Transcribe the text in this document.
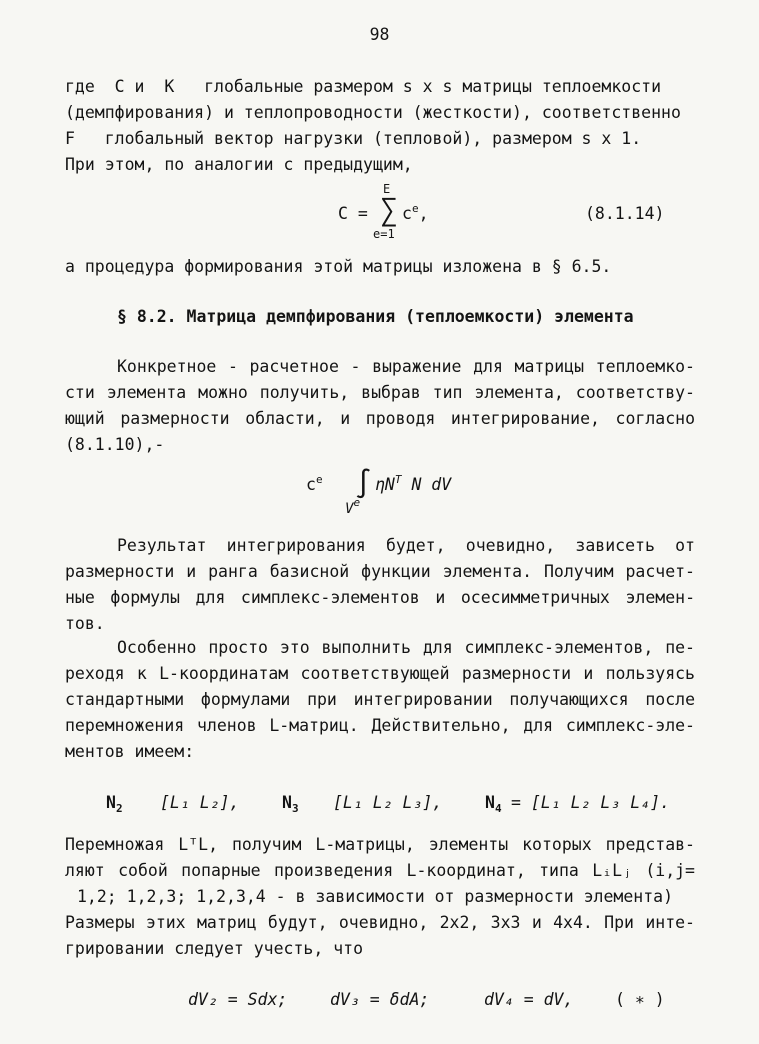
98
где  C и  K   глобальные размером s x s матрицы теплоемкости
(демпфирования) и теплопроводности (жесткости), соответственно
F   глобальный вектор нагрузки (тепловой), размером s x 1.
При этом, по аналогии с предыдущим,
C =
E
∑
e=1
$c^e$,	(8.1.14)
а процедура формирования этой матрицы изложена в § 6.5.
§ 8.2. Матрица демпфирования (теплоемкости) элемента
Конкретное - расчетное - выражение для матрицы теплоемко-
сти элемента можно получить, выбрав тип элемента, соответству-
ющий размерности области, и проводя интегрирование, согласно
(8.1.10),-
$c^e$ ∫ $\eta N^T$ N dV
Ve
Результат интегрирования будет, очевидно, зависеть от
размерности и ранга базисной функции элемента. Получим расчет-
ные формулы для симплекс-элементов и осесимметричных элемен-
тов.
Особенно просто это выполнить для симплекс-элементов, пе-
реходя к L-координатам соответствующей размерности и пользуясь
стандартными формулами при интегрировании получающихся после
перемножения членов L-матриц. Действительно, для симплекс-эле-
ментов имеем:
$N_2$ [L₁ L₂],	$N_3$ [L₁ L₂ L₃],	$N_4 = [L_1$ L₂ L₃ L₄].
Перемножая LᵀL, получим L-матрицы, элементы которых представ-
ляют собой попарные произведения L-координат, типа LᵢLⱼ (i,j=
1,2; 1,2,3; 1,2,3,4 - в зависимости от размерности элемента)
Размеры этих матриц будут, очевидно, 2x2, 3x3 и 4x4. При инте-
грировании следует учесть, что
dV₂ = Sdx;	dV₃ = δdA;	dV₄ = dV,	( ∗ )
